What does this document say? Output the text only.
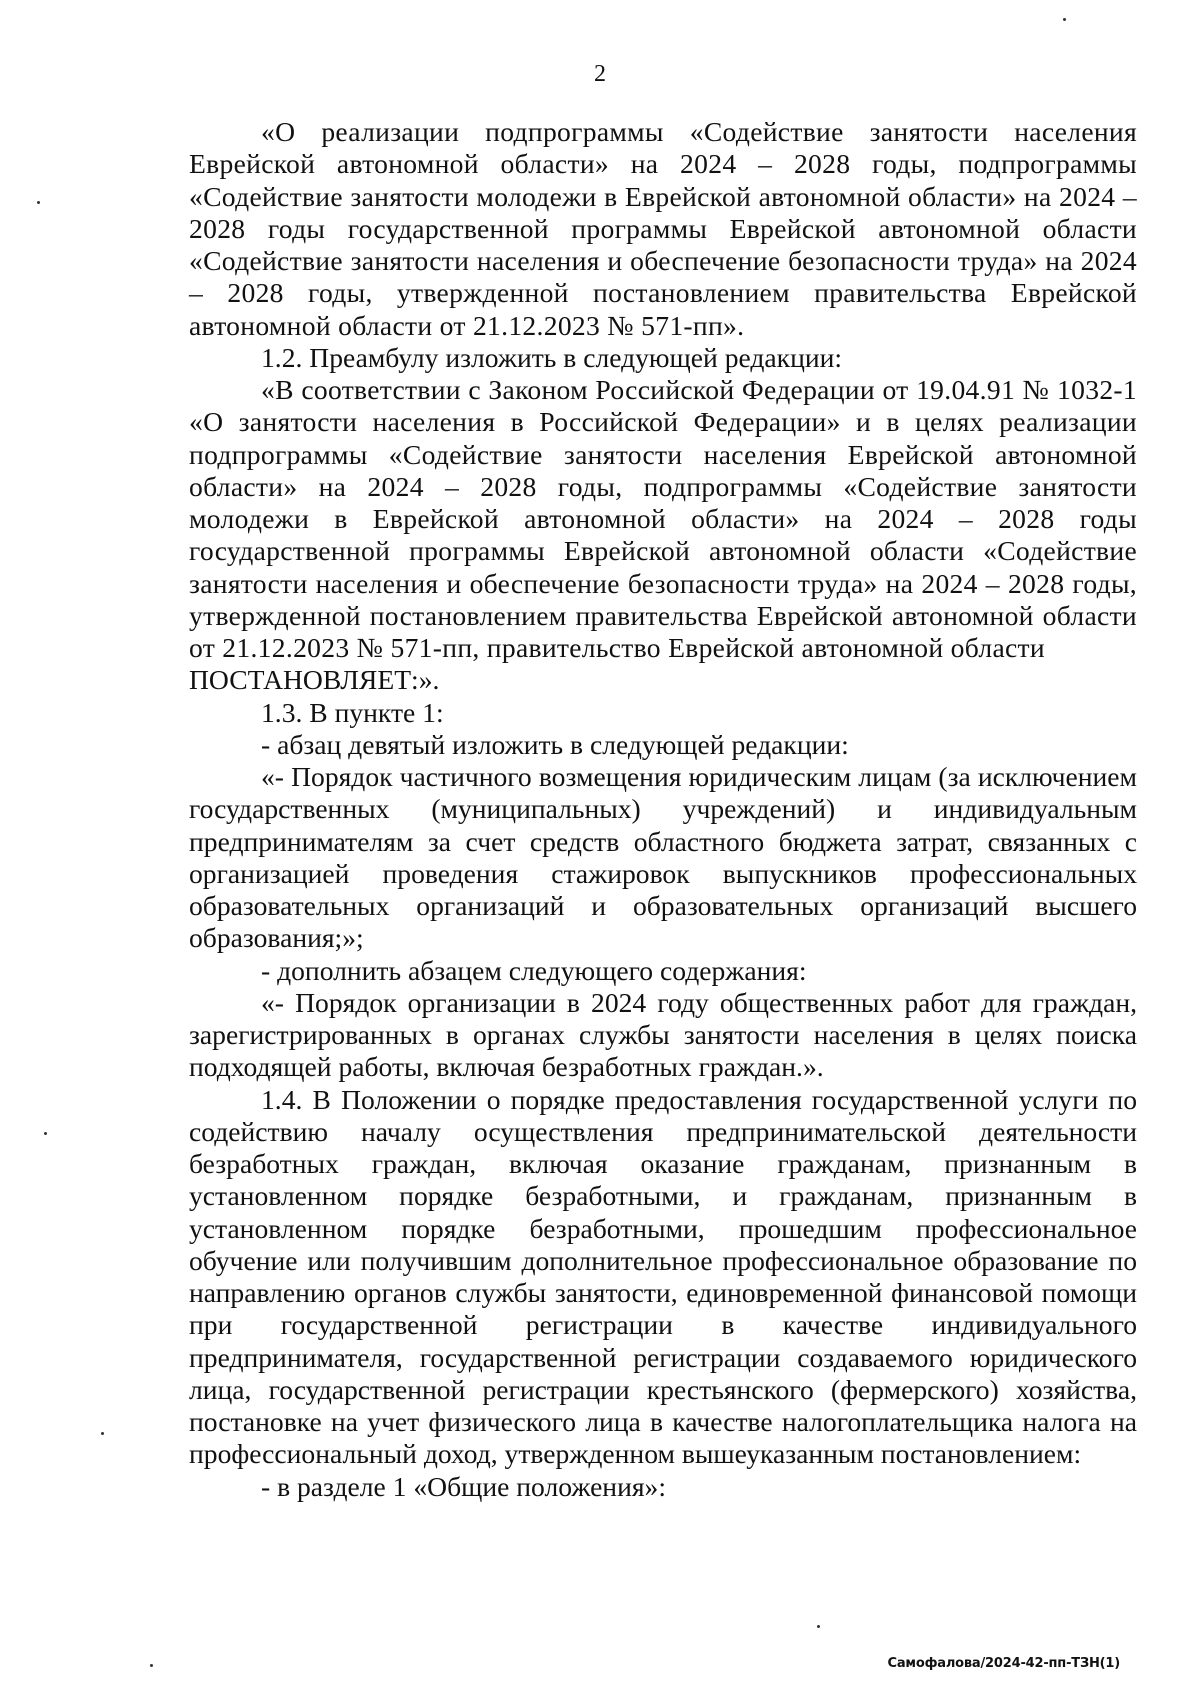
2

«О реализации подпрограммы «Содействие занятости населения Еврейской автономной области» на 2024 – 2028 годы, подпрограммы «Содействие занятости молодежи в Еврейской автономной области» на 2024 – 2028 годы государственной программы Еврейской автономной области «Содействие занятости населения и обеспечение безопасности труда» на 2024 – 2028 годы, утвержденной постановлением правительства Еврейской автономной области от 21.12.2023 № 571-пп».

1.2. Преамбулу изложить в следующей редакции:

«В соответствии с Законом Российской Федерации от 19.04.91 № 1032-1 «О занятости населения в Российской Федерации» и в целях реализации подпрограммы «Содействие занятости населения Еврейской автономной области» на 2024 – 2028 годы, подпрограммы «Содействие занятости молодежи в Еврейской автономной области» на 2024 – 2028 годы государственной программы Еврейской автономной области «Содействие занятости населения и обеспечение безопасности труда» на 2024 – 2028 годы, утвержденной постановлением правительства Еврейской автономной области от 21.12.2023 № 571-пп, правительство Еврейской автономной области

ПОСТАНОВЛЯЕТ:».

1.3. В пункте 1:

- абзац девятый изложить в следующей редакции:

«- Порядок частичного возмещения юридическим лицам (за исключением государственных (муниципальных) учреждений) и индивидуальным предпринимателям за счет средств областного бюджета затрат, связанных с организацией проведения стажировок выпускников профессиональных образовательных организаций и образовательных организаций высшего образования;»;

- дополнить абзацем следующего содержания:

«- Порядок организации в 2024 году общественных работ для граждан, зарегистрированных в органах службы занятости населения в целях поиска подходящей работы, включая безработных граждан.».

1.4. В Положении о порядке предоставления государственной услуги по содействию началу осуществления предпринимательской деятельности безработных граждан, включая оказание гражданам, признанным в установленном порядке безработными, и гражданам, признанным в установленном порядке безработными, прошедшим профессиональное обучение или получившим дополнительное профессиональное образование по направлению органов службы занятости, единовременной финансовой помощи при государственной регистрации в качестве индивидуального предпринимателя, государственной регистрации создаваемого юридического лица, государственной регистрации крестьянского (фермерского) хозяйства, постановке на учет физического лица в качестве налогоплательщика налога на профессиональный доход, утвержденном вышеуказанным постановлением:

- в разделе 1 «Общие положения»:

Самофалова/2024-42-пп-ТЗН(1)
